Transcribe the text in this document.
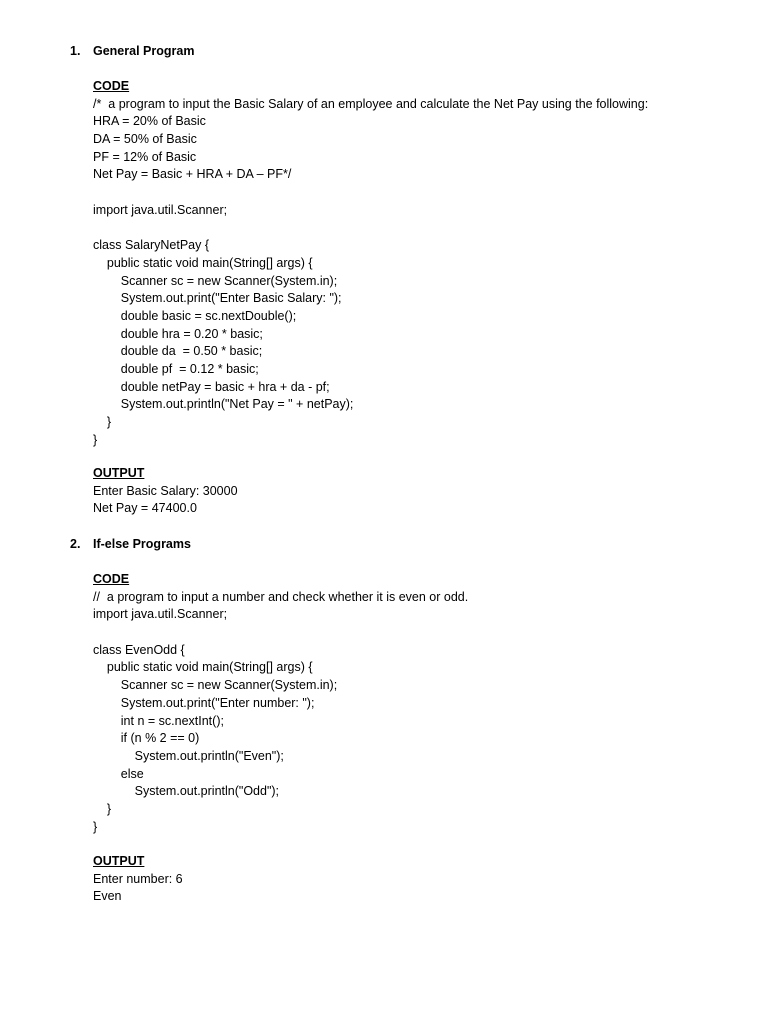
1. General Program
CODE
/*  a program to input the Basic Salary of an employee and calculate the Net Pay using the following:
HRA = 20% of Basic
DA = 50% of Basic
PF = 12% of Basic
Net Pay = Basic + HRA + DA – PF*/
import java.util.Scanner;
class SalaryNetPay {
public static void main(String[] args) {
Scanner sc = new Scanner(System.in);
System.out.print("Enter Basic Salary: ");
double basic = sc.nextDouble();
double hra = 0.20 * basic;
double da  = 0.50 * basic;
double pf  = 0.12 * basic;
double netPay = basic + hra + da - pf;
System.out.println("Net Pay = " + netPay);
}
}
OUTPUT
Enter Basic Salary: 30000
Net Pay = 47400.0
2. If-else Programs
CODE
//  a program to input a number and check whether it is even or odd.
import java.util.Scanner;
class EvenOdd {
public static void main(String[] args) {
Scanner sc = new Scanner(System.in);
System.out.print("Enter number: ");
int n = sc.nextInt();
if (n % 2 == 0)
System.out.println("Even");
else
System.out.println("Odd");
}
}
OUTPUT
Enter number: 6
Even
